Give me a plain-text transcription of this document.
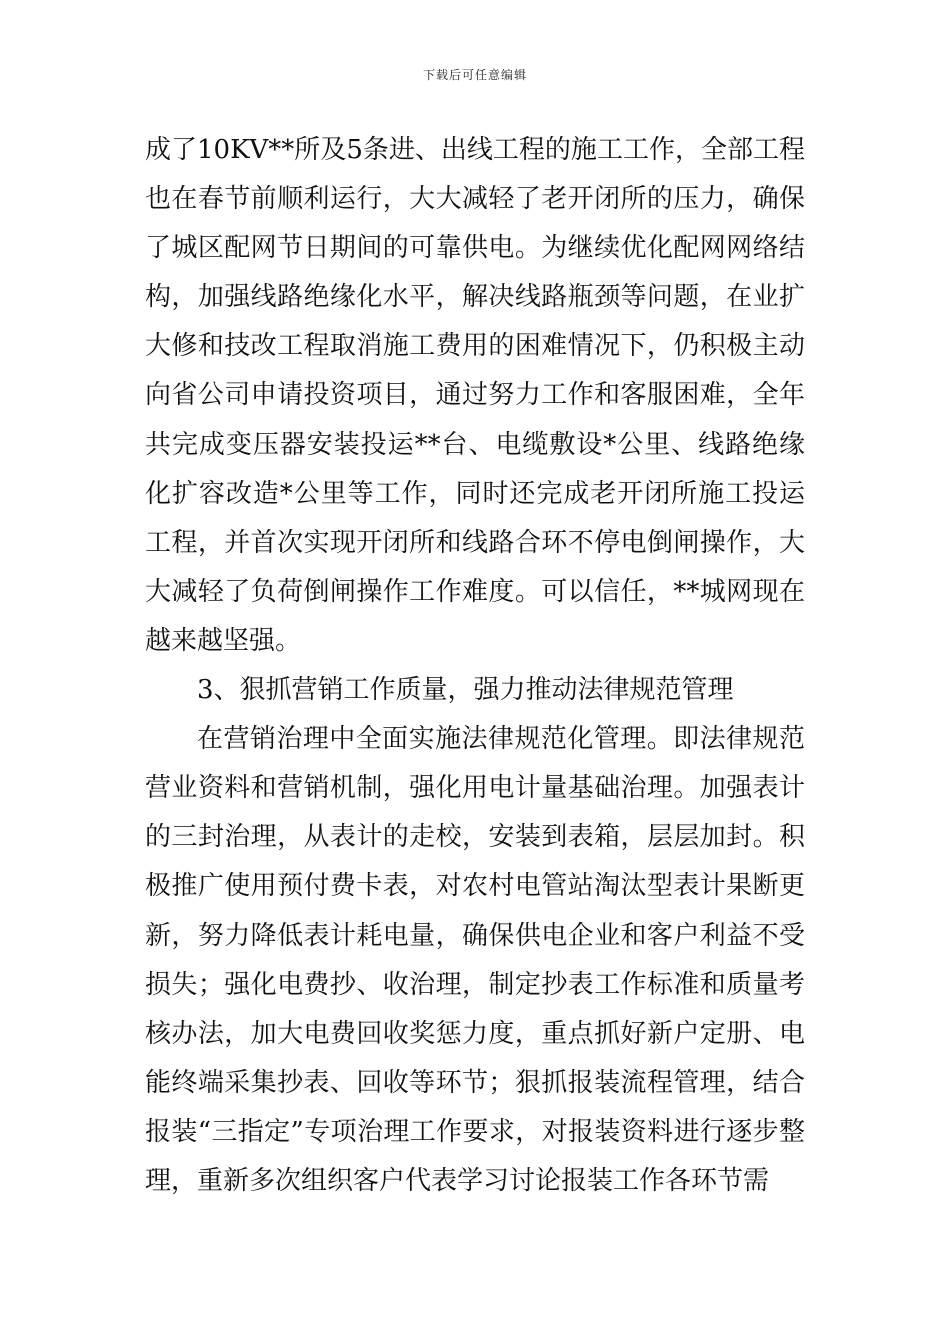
下载后可任意编辑

成了10KV**所及5条进、出线工程的施工工作，全部工程也在春节前顺利运行，大大减轻了老开闭所的压力，确保了城区配网节日期间的可靠供电。为继续优化配网网络结构，加强线路绝缘化水平，解决线路瓶颈等问题，在业扩大修和技改工程取消施工费用的困难情况下，仍积极主动向省公司申请投资项目，通过努力工作和客服困难，全年共完成变压器安装投运**台、电缆敷设*公里、线路绝缘化扩容改造*公里等工作，同时还完成老开闭所施工投运工程，并首次实现开闭所和线路合环不停电倒闸操作，大大减轻了负荷倒闸操作工作难度。可以信任，**城网现在越来越坚强。

3、狠抓营销工作质量，强力推动法律规范管理

在营销治理中全面实施法律规范化管理。即法律规范营业资料和营销机制，强化用电计量基础治理。加强表计的三封治理，从表计的走校，安装到表箱，层层加封。积极推广使用预付费卡表，对农村电管站淘汰型表计果断更新，努力降低表计耗电量，确保供电企业和客户利益不受损失；强化电费抄、收治理，制定抄表工作标准和质量考核办法，加大电费回收奖惩力度，重点抓好新户定册、电能终端采集抄表、回收等环节；狠抓报装流程管理，结合报装“三指定”专项治理工作要求，对报装资料进行逐步整理，重新多次组织客户代表学习讨论报装工作各环节需
